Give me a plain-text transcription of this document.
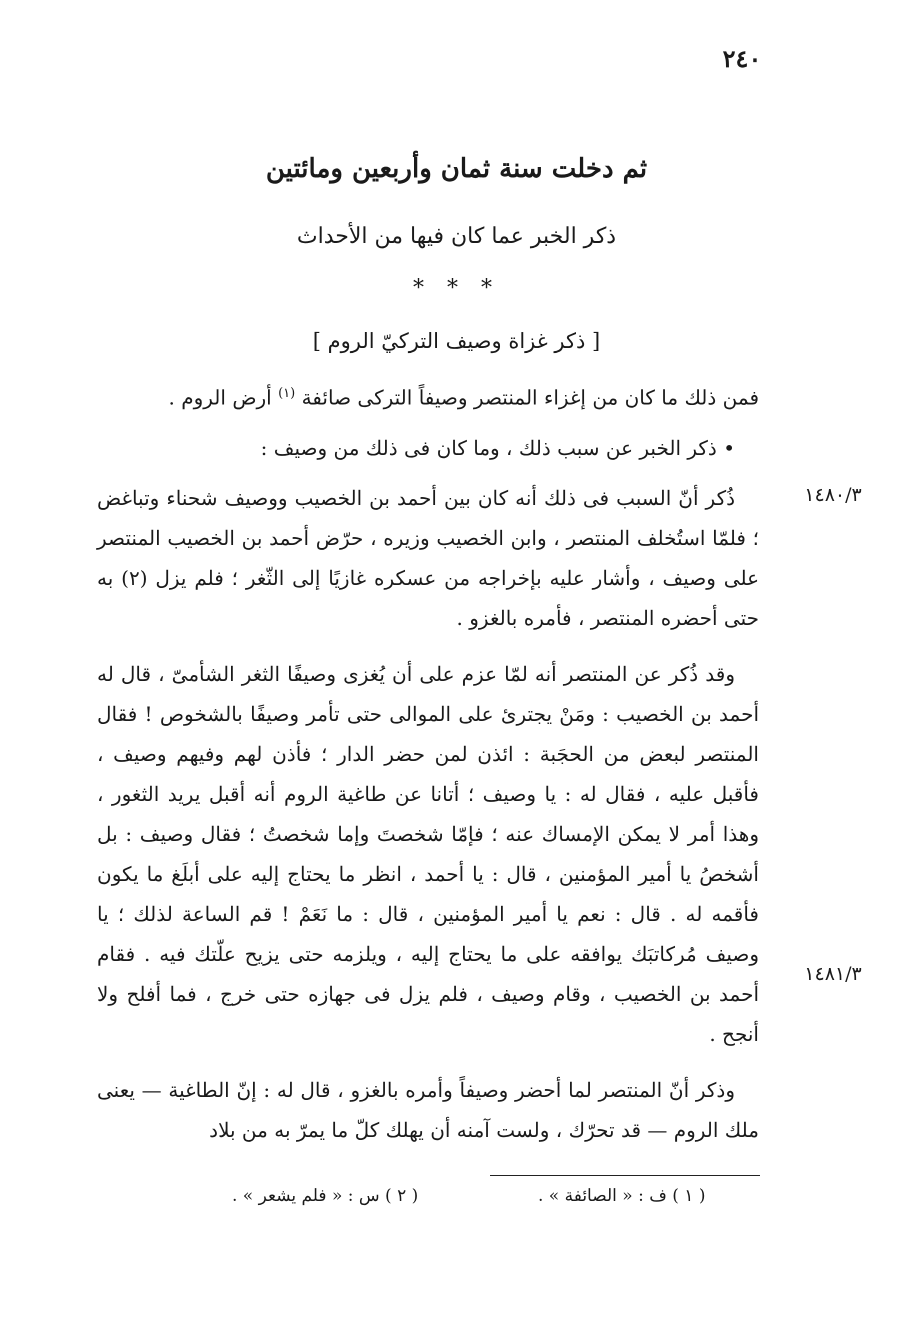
٢٤٠
ثم دخلت سنة ثمان وأربعين ومائتين
ذكر الخبر عما كان فيها من الأحداث
* * *
[ ذكر غزاة وصيف التركيّ الروم ]

فمن ذلك ما كان من إغزاء المنتصر وصيفاً التركى صائفة $^{(١)}$ أرض الروم .

• ذكر الخبر عن سبب ذلك ، وما كان فى ذلك من وصيف :

ذُكر أنّ السبب فى ذلك أنه كان بين أحمد بن الخصيب ووصيف شحناء وتباغض ؛ فلمّا استُخلف المنتصر ، وابن الخصيب وزيره ، حرّض أحمد بن الخصيب المنتصر على وصيف ، وأشار عليه بإخراجه من عسكره غازيًا إلى الثّغر ؛ فلم يزل (٢) به حتى أحضره المنتصر ، فأمره بالغزو .

وقد ذُكر عن المنتصر أنه لمّا عزم على أن يُغزى وصيفًا الثغر الشأمىّ ، قال له أحمد بن الخصيب : ومَنْ يجترئ على الموالى حتى تأمر وصيفًا بالشخوص ! فقال المنتصر لبعض من الحجَبة : ائذن لمن حضر الدار ؛ فأذن لهم وفيهم وصيف ، فأقبل عليه ، فقال له : يا وصيف ؛ أتانا عن طاغية الروم أنه أقبل يريد الثغور ، وهذا أمر لا يمكن الإمساك عنه ؛ فإمّا شخصتَ وإما شخصتُ ؛ فقال وصيف : بل أشخصُ يا أمير المؤمنين ، قال : يا أحمد ، انظر ما يحتاج إليه على أبلَغ ما يكون فأقمه له . قال : نعم يا أمير المؤمنين ، قال : ما نَعَمْ ! قم الساعة لذلك ؛ يا وصيف مُركاتبَك يوافقه على ما يحتاج إليه ، ويلزمه حتى يزيح علّتك فيه . فقام أحمد بن الخصيب ، وقام وصيف ، فلم يزل فى جهازه حتى خرج ، فما أفلح ولا أنجح .

وذكر أنّ المنتصر لما أحضر وصيفاً وأمره بالغزو ، قال له : إنّ الطاغية — يعنى ملك الروم — قد تحرّك ، ولست آمنه أن يهلك كلّ ما يمرّ به من بلاد

١٤٨٠/٣
١٤٨١/٣
( ١ ) ف : « الصائفة » .
( ٢ ) س : « فلم يشعر » .
